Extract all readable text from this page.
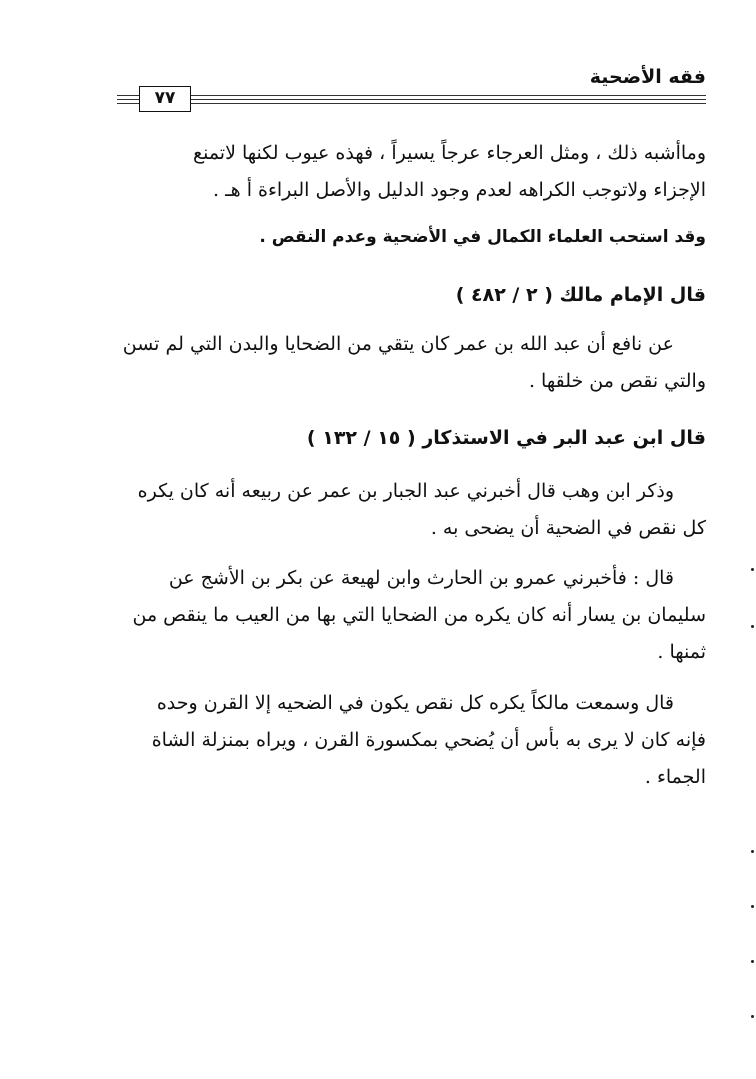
فقه الأضحية
٧٧

وماأشبه ذلك ، ومثل العرجاء عرجاً يسيراً ، فهذه عيوب لكنها لاتمنع

الإجزاء ولاتوجب الكراهه لعدم وجود الدليل والأصل البراءة أ هـ .

وقد استحب العلماء الكمال في الأضحية وعدم النقص .
قال الإمام مالك ( ٢ / ٤٨٢ )

عن نافع أن عبد الله بن عمر كان يتقي من الضحايا والبدن التي لم تسن

والتي نقص من خلقها .

قال ابن عبد البر في الاستذكار ( ١٥ / ١٣٢ )

وذكر ابن وهب قال أخبرني عبد الجبار بن عمر عن ربيعه أنه كان يكره

كل نقص في الضحية أن يضحى به .

قال : فأخبرني عمرو بن الحارث وابن لهيعة عن بكر بن الأشج عن

سليمان بن يسار أنه كان يكره من الضحايا التي بها من العيب ما ينقص من

ثمنها .

قال وسمعت مالكاً يكره كل نقص يكون في الضحيه إلا القرن وحده

فإنه كان لا يرى به بأس أن يُضحي بمكسورة القرن ، ويراه بمنزلة الشاة

الجماء .
